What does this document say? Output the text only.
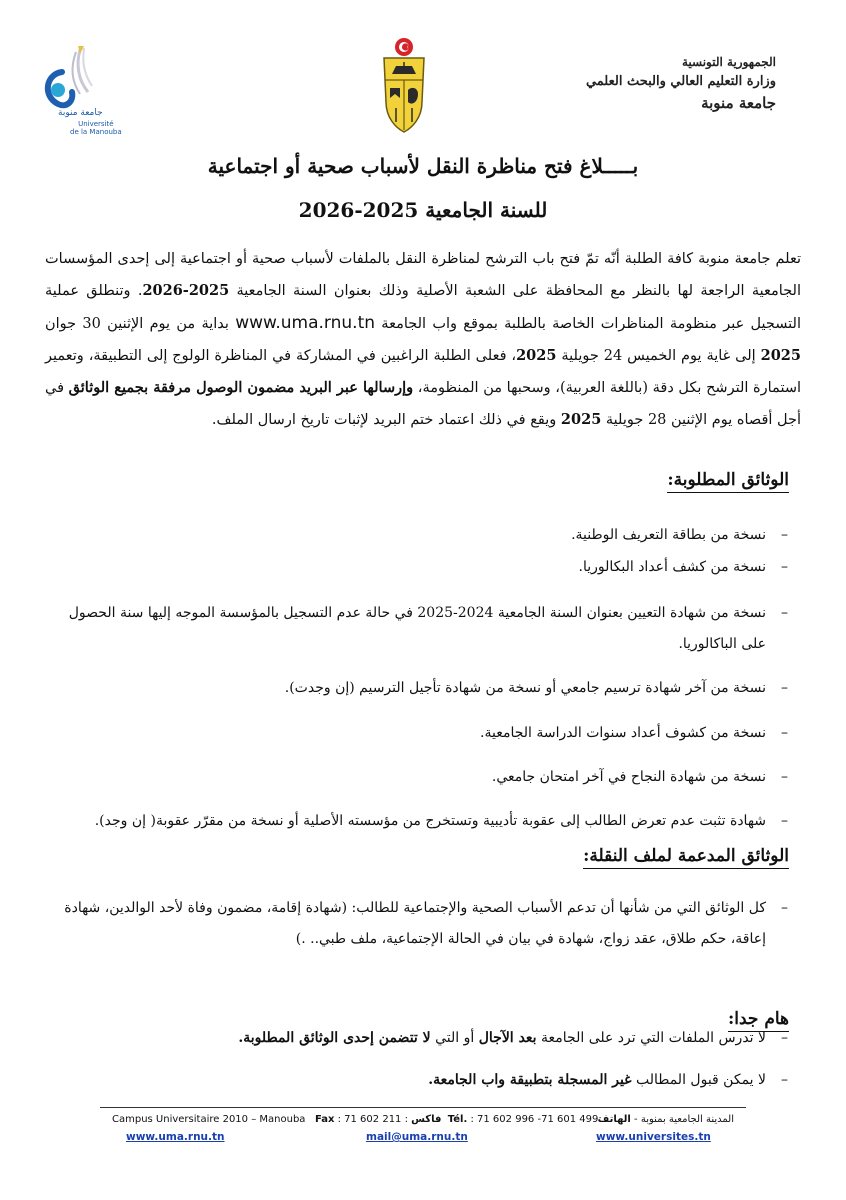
جامعة منوبة
Université
de la Manouba
الجمهورية التونسية
وزارة التعليم العالي والبحث العلمي
جامعة منوبة
بـــــلاغ فتح مناظرة النقل لأسباب صحية أو اجتماعية
للسنة الجامعية 2025-2026
تعلم جامعة منوبة كافة الطلبة أنّه تمّ فتح باب الترشح لمناظرة النقل بالملفات لأسباب صحية أو اجتماعية إلى إحدى المؤسسات الجامعية الراجعة لها بالنظر مع المحافظة على الشعبة الأصلية وذلك بعنوان السنة الجامعية 2025-2026. وتنطلق عملية التسجيل عبر منظومة المناظرات الخاصة بالطلبة بموقع واب الجامعة www.uma.rnu.tn بداية من يوم الإثنين 30 جوان 2025 إلى غاية يوم الخميس 24 جويلية 2025، فعلى الطلبة الراغبين في المشاركة في المناظرة الولوج إلى التطبيقة، وتعمير استمارة الترشح بكل دقة (باللغة العربية)، وسحبها من المنظومة، وإرسالها عبر البريد مضمون الوصول مرفقة بجميع الوثائق في أجل أقصاه يوم الإثنين 28 جويلية 2025 ويقع في ذلك اعتماد ختم البريد لإثبات تاريخ ارسال الملف.
الوثائق المطلوبة:
– نسخة من بطاقة التعريف الوطنية.
– نسخة من كشف أعداد البكالوريا.
– نسخة من شهادة التعيين بعنوان السنة الجامعية 2024-2025 في حالة عدم التسجيل بالمؤسسة الموجه إليها سنة الحصول على الباكالوريا.
– نسخة من آخر شهادة ترسيم جامعي أو نسخة من شهادة تأجيل الترسيم (إن وجدت).
– نسخة من كشوف أعداد سنوات الدراسة الجامعية.
– نسخة من شهادة النجاح في آخر امتحان جامعي.
– شهادة تثبت عدم تعرض الطالب إلى عقوبة تأديبية وتستخرج من مؤسسته الأصلية أو نسخة من مقرّر عقوبة( إن وجد).
الوثائق المدعمة لملف النقلة:
– كل الوثائق التي من شأنها أن تدعم الأسباب الصحية والإجتماعية للطالب: (شهادة إقامة، مضمون وفاة لأحد الوالدين، شهادة إعاقة، حكم طلاق، عقد زواج، شهادة في بيان في الحالة الإجتماعية، ملف طبي.. .)
هام جدا:
– لا تدرس الملفات التي ترد على الجامعة بعد الآجال أو التي لا تتضمن إحدى الوثائق المطلوبة.
– لا يمكن قبول المطالب غير المسجلة بتطبيقة واب الجامعة.
Campus Universitaire 2010 – Manouba Fax : 71 602 211 : فاكس Tél. : 71 602 996 -71 601 499:	المدينة الجامعية بمنوبة - الهاتف
www.uma.rnu.tn	mail@uma.rnu.tn	www.universites.tn
